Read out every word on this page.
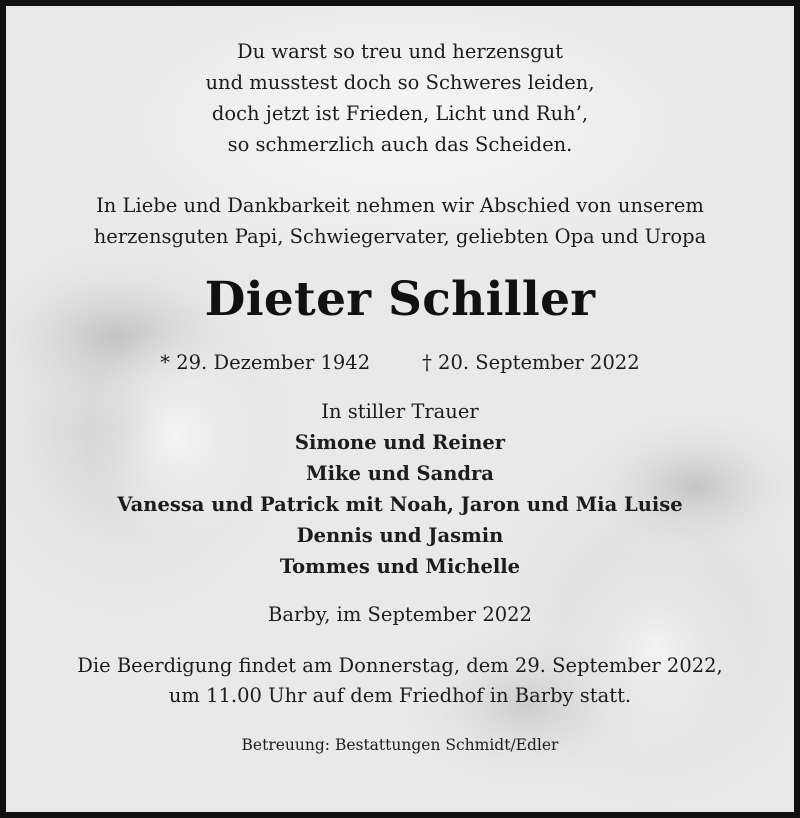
Du warst so treu und herzensgut

und musstest doch so Schweres leiden,

doch jetzt ist Frieden, Licht und Ruh’,

so schmerzlich auch das Scheiden.

In Liebe und Dankbarkeit nehmen wir Abschied von unserem

herzensguten Papi, Schwiegervater, geliebten Opa und Uropa

Dieter Schiller
* 29. Dezember 1942	† 20. September 2022

In stiller Trauer

Simone und Reiner

Mike und Sandra

Vanessa und Patrick mit Noah, Jaron und Mia Luise

Dennis und Jasmin

Tommes und Michelle

Barby, im September 2022

Die Beerdigung findet am Donnerstag, dem 29. September 2022,

um 11.00 Uhr auf dem Friedhof in Barby statt.

Betreuung: Bestattungen Schmidt/Edler
